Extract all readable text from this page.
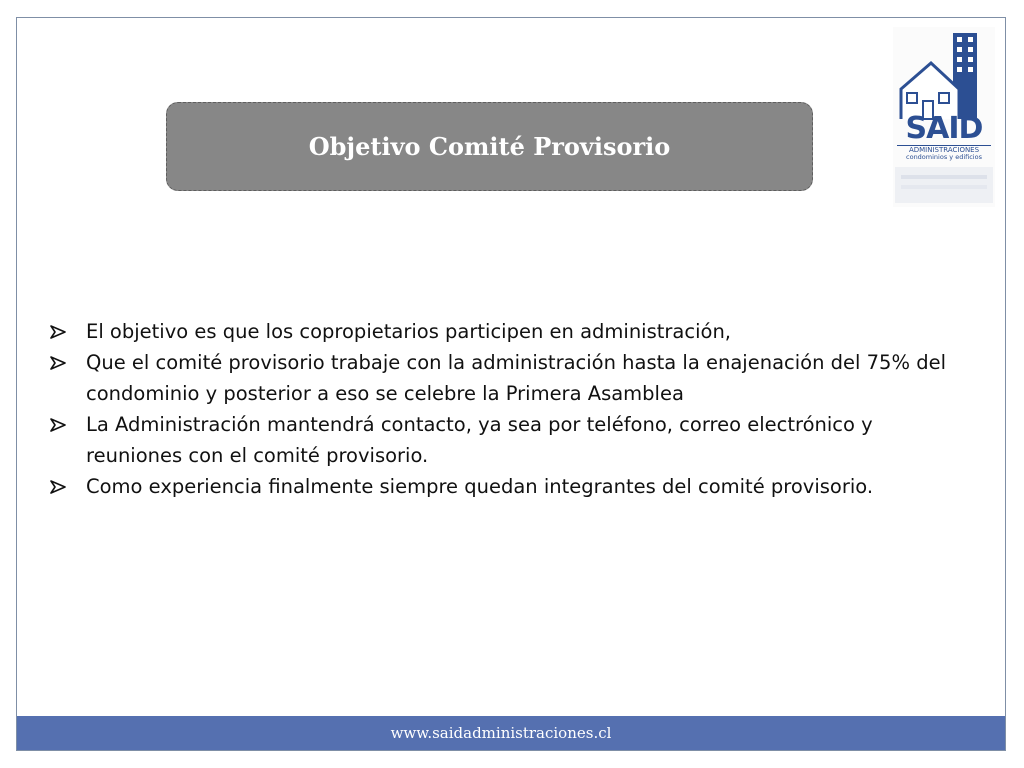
SAID
ADMINISTRACIONES
condominios y edificios
Objetivo Comité Provisorio
El objetivo es que los copropietarios participen en administración,
Que el comité provisorio trabaje con la administración hasta la enajenación del 75% del condominio y posterior a eso se celebre la Primera Asamblea
La Administración mantendrá contacto, ya sea por teléfono, correo electrónico y reuniones con el comité provisorio.
Como experiencia finalmente siempre quedan integrantes del comité provisorio.
www.saidadministraciones.cl
